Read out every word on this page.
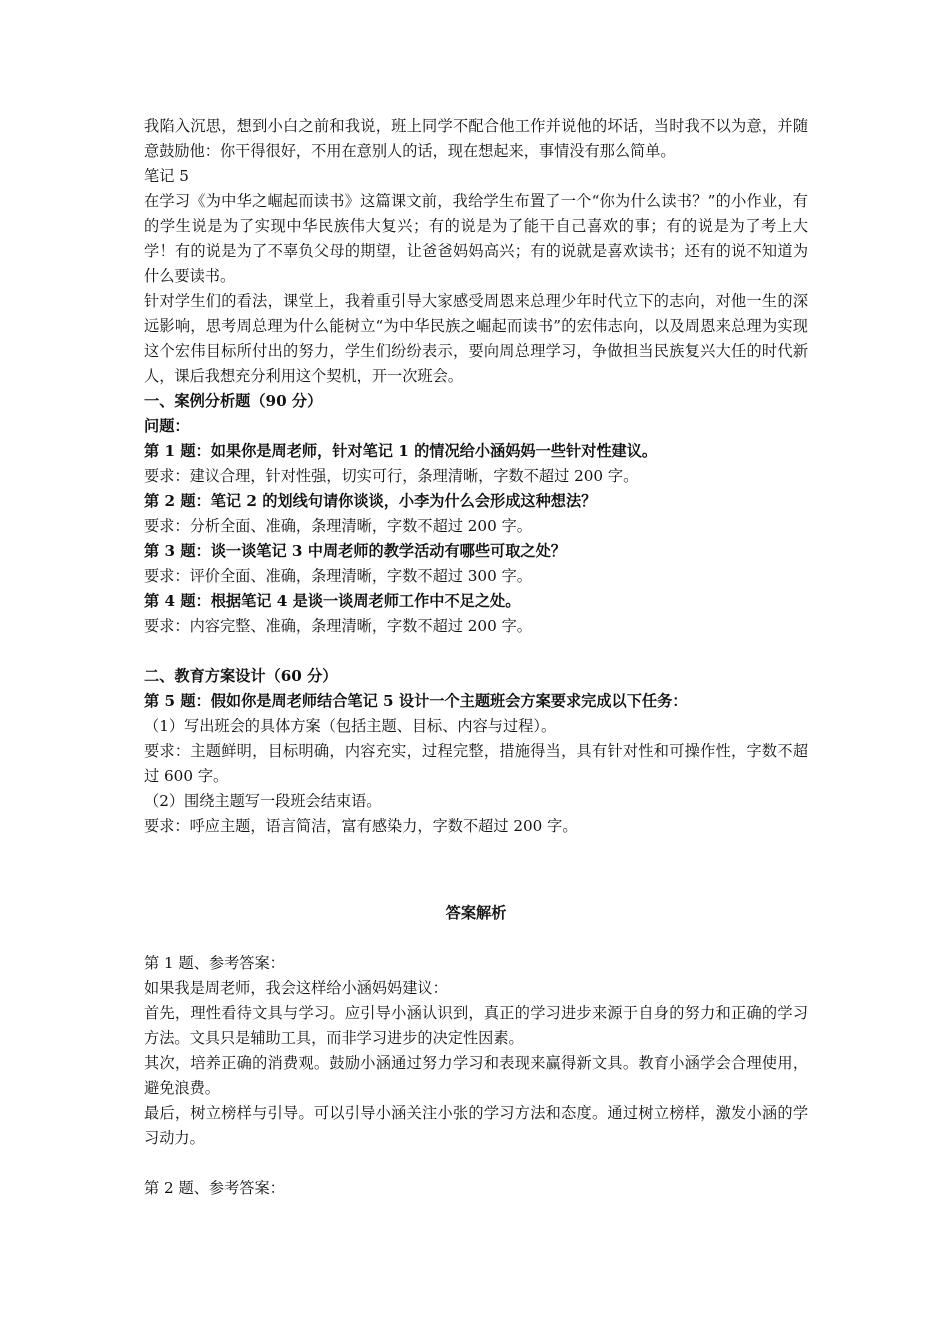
我陷入沉思，想到小白之前和我说，班上同学不配合他工作并说他的坏话，当时我不以为意，并随意鼓励他：你干得很好，不用在意别人的话，现在想起来，事情没有那么简单。

笔记 5

在学习《为中华之崛起而读书》这篇课文前，我给学生布置了一个“你为什么读书？”的小作业，有的学生说是为了实现中华民族伟大复兴；有的说是为了能干自己喜欢的事；有的说是为了考上大学！有的说是为了不辜负父母的期望，让爸爸妈妈高兴；有的说就是喜欢读书；还有的说不知道为什么要读书。

针对学生们的看法，课堂上，我着重引导大家感受周恩来总理少年时代立下的志向，对他一生的深远影响，思考周总理为什么能树立“为中华民族之崛起而读书”的宏伟志向，以及周恩来总理为实现这个宏伟目标所付出的努力，学生们纷纷表示，要向周总理学习，争做担当民族复兴大任的时代新人，课后我想充分利用这个契机，开一次班会。

一、案例分析题（90 分）

问题：

第 1 题：如果你是周老师，针对笔记 1 的情况给小涵妈妈一些针对性建议。

要求：建议合理，针对性强，切实可行，条理清晰，字数不超过 200 字。

第 2 题：笔记 2 的划线句请你谈谈，小李为什么会形成这种想法？

要求：分析全面、准确，条理清晰，字数不超过 200 字。

第 3 题：谈一谈笔记 3 中周老师的教学活动有哪些可取之处？

要求：评价全面、准确，条理清晰，字数不超过 300 字。

第 4 题：根据笔记 4 是谈一谈周老师工作中不足之处。

要求：内容完整、准确，条理清晰，字数不超过 200 字。

二、教育方案设计（60 分）

第 5 题：假如你是周老师结合笔记 5 设计一个主题班会方案要求完成以下任务：

（1）写出班会的具体方案（包括主题、目标、内容与过程）。

要求：主题鲜明，目标明确，内容充实，过程完整，措施得当，具有针对性和可操作性，字数不超过 600 字。

（2）围绕主题写一段班会结束语。

要求：呼应主题，语言简洁，富有感染力，字数不超过 200 字。

答案解析

第 1 题、参考答案：

如果我是周老师，我会这样给小涵妈妈建议：

首先，理性看待文具与学习。应引导小涵认识到，真正的学习进步来源于自身的努力和正确的学习方法。文具只是辅助工具，而非学习进步的决定性因素。

其次，培养正确的消费观。鼓励小涵通过努力学习和表现来赢得新文具。教育小涵学会合理使用，避免浪费。

最后，树立榜样与引导。可以引导小涵关注小张的学习方法和态度。通过树立榜样，激发小涵的学习动力。

第 2 题、参考答案：
